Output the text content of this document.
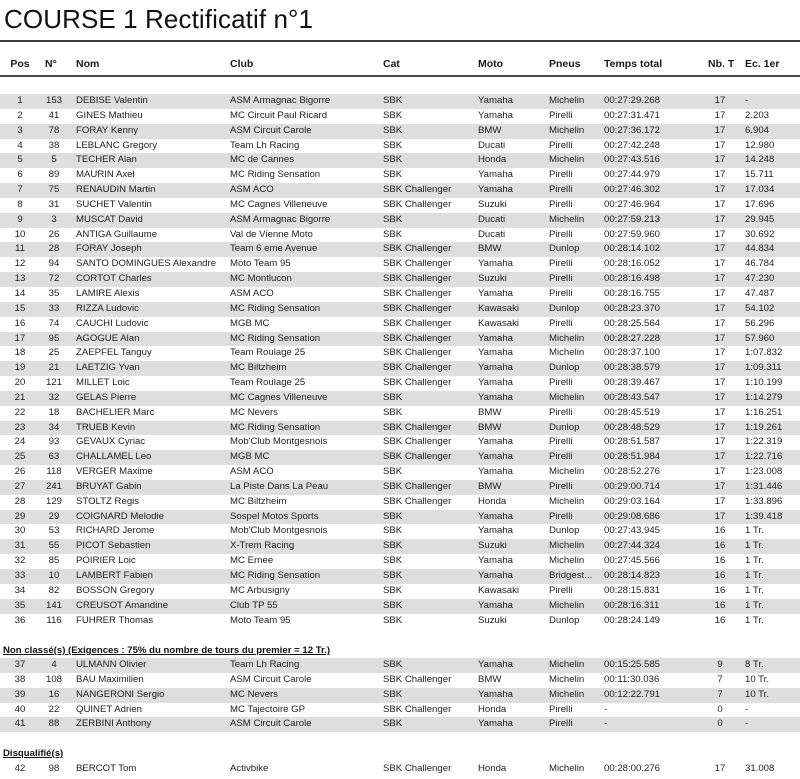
COURSE 1 Rectificatif n°1
Pos N°	Nom	Club	Cat	Moto	Pneus	Temps total	Nb. T	Ec. 1er
1	153	DEBISE Valentin	ASM Armagnac Bigorre	SBK	Yamaha	Michelin	00:27:29.268	17	-
2	41	GINES Mathieu	MC Circuit Paul Ricard	SBK	Yamaha	Pirelli	00:27:31.471	17	2.203
3	78	FORAY Kenny	ASM Circuit Carole	SBK	BMW	Michelin	00:27:36.172	17	6.904
4	38	LEBLANC Gregory	Team Lh Racing	SBK	Ducati	Pirelli	00:27:42.248	17	12.980
5	5	TECHER Alan	MC de Cannes	SBK	Honda	Michelin	00:27:43.516	17	14.248
6	89	MAURIN Axel	MC Riding Sensation	SBK	Yamaha	Pirelli	00:27:44.979	17	15.711
7	75	RENAUDIN Martin	ASM ACO	SBK Challenger	Yamaha	Pirelli	00:27:46.302	17	17.034
8	31	SUCHET Valentin	MC Cagnes Villeneuve	SBK Challenger	Suzuki	Pirelli	00:27:46.964	17	17.696
9	3	MUSCAT David	ASM Armagnac Bigorre	SBK	Ducati	Michelin	00:27:59.213	17	29.945
10	26	ANTIGA Guillaume	Val de Vienne Moto	SBK	Ducati	Pirelli	00:27:59.960	17	30.692
11	28	FORAY Joseph	Team 6 eme Avenue	SBK Challenger	BMW	Dunlop	00:28:14.102	17	44.834
12	94	SANTO DOMINGUES Alexandre	Moto Team 95	SBK Challenger	Yamaha	Pirelli	00:28:16.052	17	46.784
13	72	CORTOT Charles	MC Montlucon	SBK Challenger	Suzuki	Pirelli	00:28:16.498	17	47.230
14	35	LAMIRE Alexis	ASM ACO	SBK Challenger	Yamaha	Pirelli	00:28:16.755	17	47.487
15	33	RIZZA Ludovic	MC Riding Sensation	SBK Challenger	Kawasaki	Dunlop	00:28:23.370	17	54.102
16	74	CAUCHI Ludovic	MGB MC	SBK Challenger	Kawasaki	Pirelli	00:28:25.564	17	56.296
17	95	AGOGUE Alan	MC Riding Sensation	SBK Challenger	Yamaha	Michelin	00:28:27.228	17	57.960
18	25	ZAEPFEL Tanguy	Team Roulage 25	SBK Challenger	Yamaha	Michelin	00:28:37.100	17	1:07.832
19	21	LAETZIG Yvan	MC Biltzheim	SBK Challenger	Yamaha	Dunlop	00:28:38.579	17	1:09.311
20	121	MILLET Loic	Team Roulage 25	SBK Challenger	Yamaha	Pirelli	00:28:39.467	17	1:10.199
21	32	GELAS Pierre	MC Cagnes Villeneuve	SBK	Yamaha	Michelin	00:28:43.547	17	1:14.279
22	18	BACHELIER Marc	MC Nevers	SBK	BMW	Pirelli	00:28:45.519	17	1:16.251
23	34	TRUEB Kevin	MC Riding Sensation	SBK Challenger	BMW	Dunlop	00:28:48.529	17	1:19.261
24	93	GEVAUX Cyriac	Mob'Club Montgesnois	SBK Challenger	Yamaha	Pirelli	00:28:51.587	17	1:22.319
25	63	CHALLAMEL Leo	MGB MC	SBK Challenger	Yamaha	Pirelli	00:28:51.984	17	1:22.716
26	118	VERGER Maxime	ASM ACO	SBK	Yamaha	Michelin	00:28:52.276	17	1:23.008
27	241	BRUYAT Gabin	La Piste Dans La Peau	SBK Challenger	BMW	Pirelli	00:29:00.714	17	1:31.446
28	129	STOLTZ Regis	MC Biltzheim	SBK Challenger	Honda	Michelin	00:29:03.164	17	1:33.896
29	29	COIGNARD Melodie	Sospel Motos Sports	SBK	Yamaha	Pirelli	00:29:08.686	17	1:39.418
30	53	RICHARD Jerome	Mob'Club Montgesnois	SBK	Yamaha	Dunlop	00:27:43.945	16	1 Tr.
31	55	PICOT Sebastien	X-Trem Racing	SBK	Suzuki	Michelin	00:27:44.324	16	1 Tr.
32	85	POIRIER Loic	MC Ernee	SBK	Yamaha	Michelin	00:27:45.566	16	1 Tr.
33	10	LAMBERT Fabien	MC Riding Sensation	SBK	Yamaha	Bridgest...	00:28:14.823	16	1 Tr.
34	82	BOSSON Gregory	MC Arbusigny	SBK	Kawasaki	Pirelli	00:28:15.831	16	1 Tr.
35	141	CREUSOT Amandine	Club TP 55	SBK	Yamaha	Michelin	00:28:16.311	16	1 Tr.
36	116	FUHRER Thomas	Moto Team 95	SBK	Suzuki	Dunlop	00:28:24.149	16	1 Tr.
Non classé(s) (Exigences : 75% du nombre de tours du premier = 12 Tr.)
37	4	ULMANN Olivier	Team Lh Racing	SBK	Yamaha	Michelin	00:15:25.585	9	8 Tr.
38	108	BAU Maximilien	ASM Circuit Carole	SBK Challenger	BMW	Michelin	00:11:30.036	7	10 Tr.
39	16	NANGERONI Sergio	MC Nevers	SBK	Yamaha	Michelin	00:12:22.791	7	10 Tr.
40	22	QUINET Adrien	MC Tajectoire GP	SBK Challenger	Honda	Pirelli	-	0	-
41	88	ZERBINI Anthony	ASM Circuit Carole	SBK	Yamaha	Pirelli	-	0	-
Disqualifié(s)
42	98	BERCOT Tom	Activbike	SBK Challenger	Honda	Michelin	00:28:00.276	17	31.008
